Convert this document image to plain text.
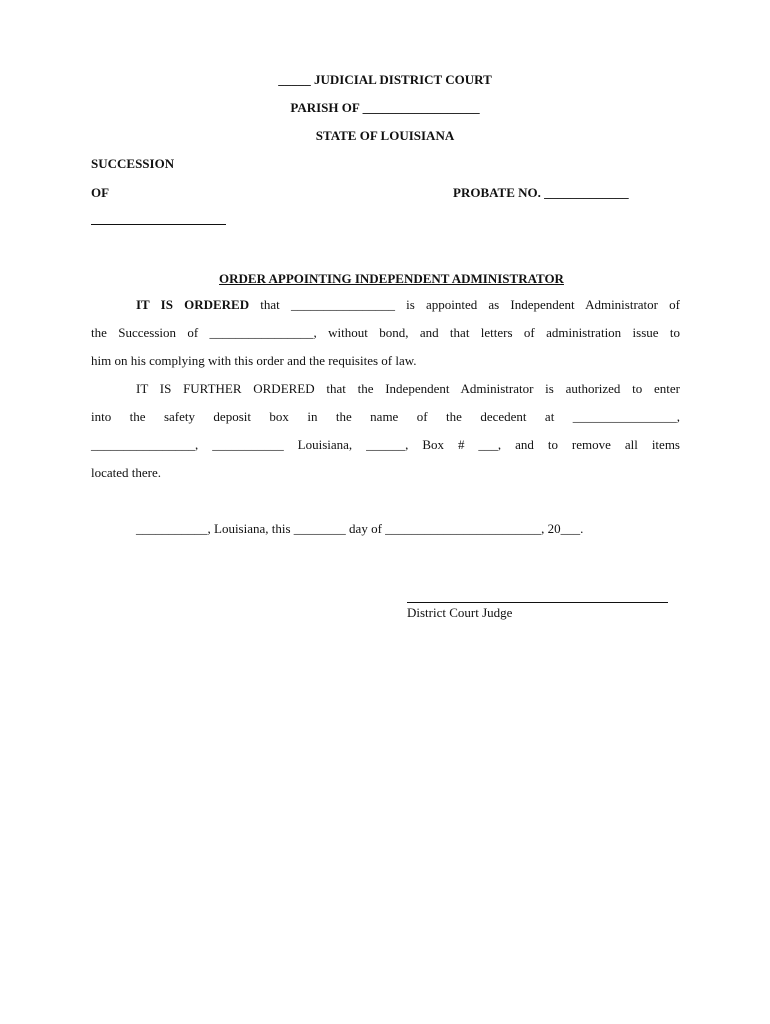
_____ JUDICIAL DISTRICT COURT
PARISH OF __________________
STATE OF LOUISIANA
SUCCESSION
OF	PROBATE NO. _____________

ORDER APPOINTING INDEPENDENT ADMINISTRATOR

IT IS ORDERED that ________________ is appointed as Independent Administrator of
the Succession of ________________, without bond, and that letters of administration issue to
him on his complying with this order and the requisites of law.
IT IS FURTHER ORDERED that the Independent Administrator is authorized to enter
into the safety deposit box in the name of the decedent at ________________,
________________, ___________ Louisiana, ______, Box # ___, and to remove all items
located there.
___________, Louisiana, this ________ day of ________________________, 20___.
District Court Judge
